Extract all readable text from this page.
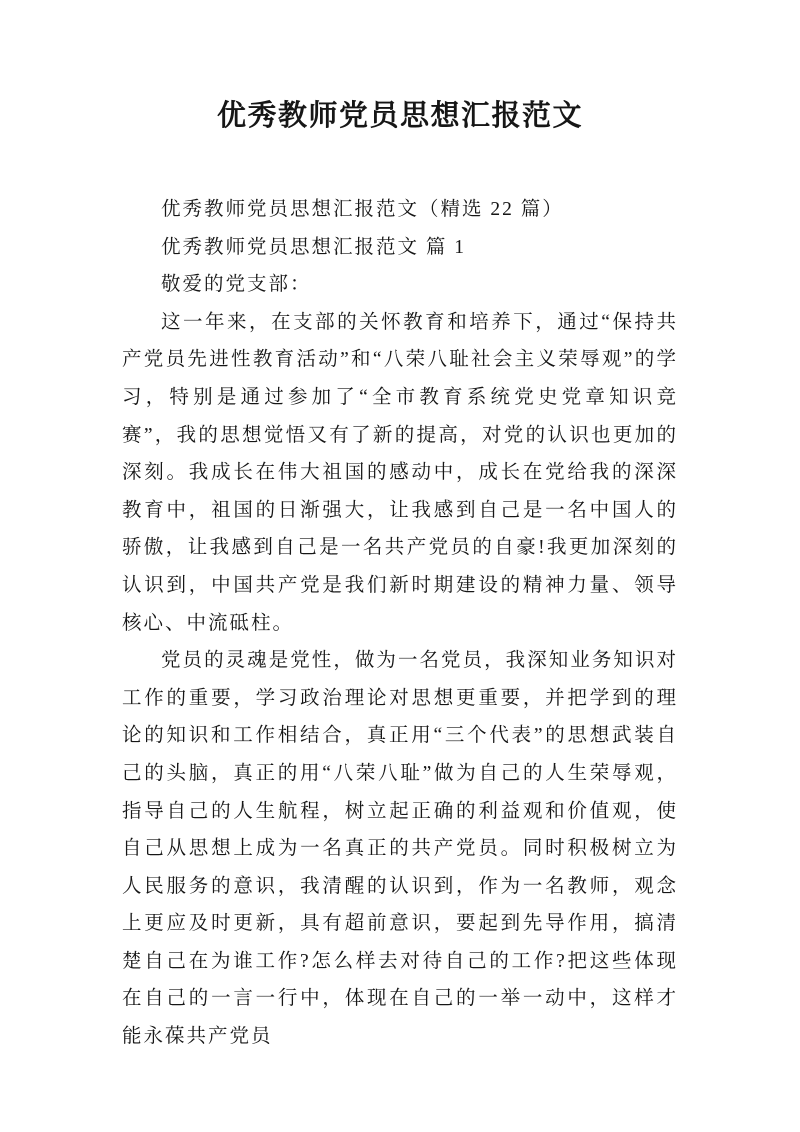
优秀教师党员思想汇报范文

优秀教师党员思想汇报范文（精选 22 篇）

优秀教师党员思想汇报范文 篇 1

敬爱的党支部：

这一年来，在支部的关怀教育和培养下，通过“保持共产党员先进性教育活动”和“八荣八耻社会主义荣辱观”的学习，特别是通过参加了“全市教育系统党史党章知识竞赛”，我的思想觉悟又有了新的提高，对党的认识也更加的深刻。我成长在伟大祖国的感动中，成长在党给我的深深教育中，祖国的日渐强大，让我感到自己是一名中国人的骄傲，让我感到自己是一名共产党员的自豪!我更加深刻的认识到，中国共产党是我们新时期建设的精神力量、领导核心、中流砥柱。

党员的灵魂是党性，做为一名党员，我深知业务知识对工作的重要，学习政治理论对思想更重要，并把学到的理论的知识和工作相结合，真正用“三个代表”的思想武装自己的头脑，真正的用“八荣八耻”做为自己的人生荣辱观，指导自己的人生航程，树立起正确的利益观和价值观，使自己从思想上成为一名真正的共产党员。同时积极树立为人民服务的意识，我清醒的认识到，作为一名教师，观念上更应及时更新，具有超前意识，要起到先导作用，搞清楚自己在为谁工作?怎么样去对待自己的工作?把这些体现在自己的一言一行中，体现在自己的一举一动中，这样才能永葆共产党员
